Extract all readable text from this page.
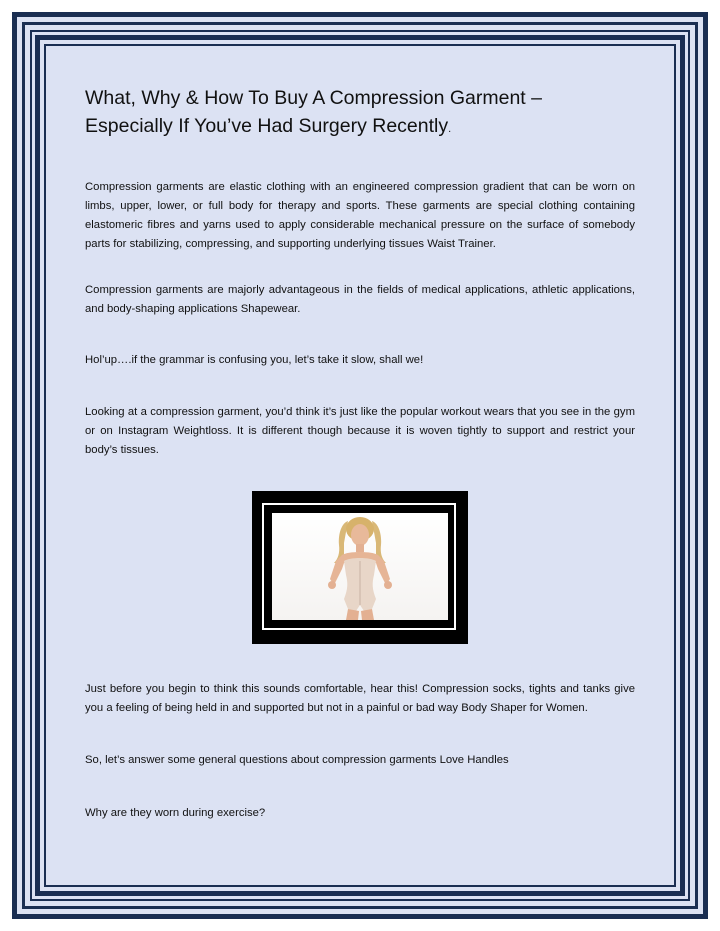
What, Why & How To Buy A Compression Garment – Especially If You’ve Had Surgery Recently.

Compression garments are elastic clothing with an engineered compression gradient that can be worn on limbs, upper, lower, or full body for therapy and sports. These garments are special clothing containing elastomeric fibres and yarns used to apply considerable mechanical pressure on the surface of somebody parts for stabilizing, compressing, and supporting underlying tissues Waist Trainer.

Compression garments are majorly advantageous in the fields of medical applications, athletic applications, and body-shaping applications Shapewear.

Hol’up….if the grammar is confusing you, let’s take it slow, shall we!

Looking at a compression garment, you’d think it’s just like the popular workout wears that you see in the gym or on Instagram Weightloss. It is different though because it is woven tightly to support and restrict your body’s tissues.

Just before you begin to think this sounds comfortable, hear this! Compression socks, tights and tanks give you a feeling of being held in and supported but not in a painful or bad way Body Shaper for Women.

So, let’s answer some general questions about compression garments Love Handles

Why are they worn during exercise?
